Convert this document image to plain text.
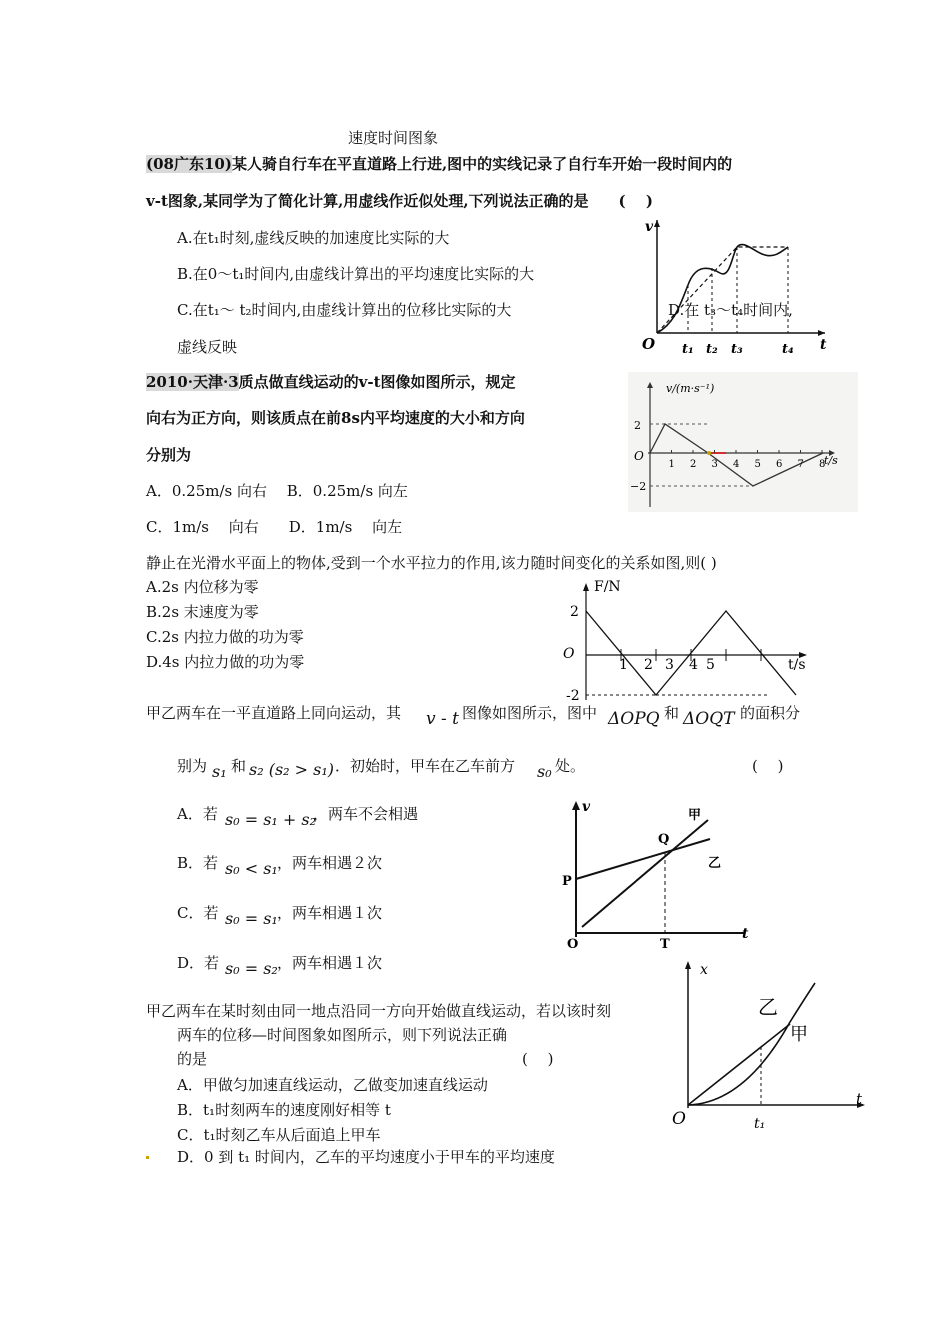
速度时间图象
(08广东10)某人骑自行车在平直道路上行进,图中的实线记录了自行车开始一段时间内的
v-t图象,某同学为了简化计算,用虚线作近似处理,下列说法正确的是　　(　 )
A.在t₁时刻,虚线反映的加速度比实际的大
B.在0～t₁时间内,由虚线计算出的平均速度比实际的大
C.在t₁～ t₂时间内,由虚线计算出的位移比实际的大	D.在 t₃～t₄时间内,
虚线反映
v
O	t
t₁ t₂ t₃	t₄
2010·天津·3质点做直线运动的v-t图像如图所示，规定
向右为正方向，则该质点在前8s内平均速度的大小和方向
分别为
A．0.25m/s 向右　 B．0.25m/s 向左
C．1m/s　 向右　　D．1m/s　 向左
v/(m·s⁻¹)
2
−2
O	t/s
1 2 3 4 5 6 7 8
静止在光滑水平面上的物体,受到一个水平拉力的作用,该力随时间变化的关系如图,则( )
A.2s 内位移为零
B.2s 末速度为零
C.2s 内拉力做的功为零
D.4s 内拉力做的功为零
F/N
2
-2
O
t/s
1 2 3 4 5
甲乙两车在一平直道路上同向运动，其 v - t 图像如图所示，图中 ΔOPQ 和 ΔOQT 的面积分
别为 s₁ 和 s₂ (s₂ > s₁) ．初始时，甲车在乙车前方 s₀ 处。	(　 )
A．若 s₀ = s₁ + s₂
，两车不会相遇
B．若 s₀ < s₁ ，两车相遇２次
C．若 s₀ = s₁ ，两车相遇１次
D．若 s₀ = s₂ ，两车相遇１次
v
甲
乙
Q
P
O	T
t
甲乙两车在某时刻由同一地点沿同一方向开始做直线运动，若以该时刻
两车的位移—时间图象如图所示，则下列说法正确
的是	(　 )
A．甲做匀加速直线运动，乙做变加速直线运动
B．t₁时刻两车的速度刚好相等 t
C．t₁时刻乙车从后面追上甲车
D．0 到 t₁ 时间内，乙车的平均速度小于甲车的平均速度
x
乙
甲
O
t
t₁
